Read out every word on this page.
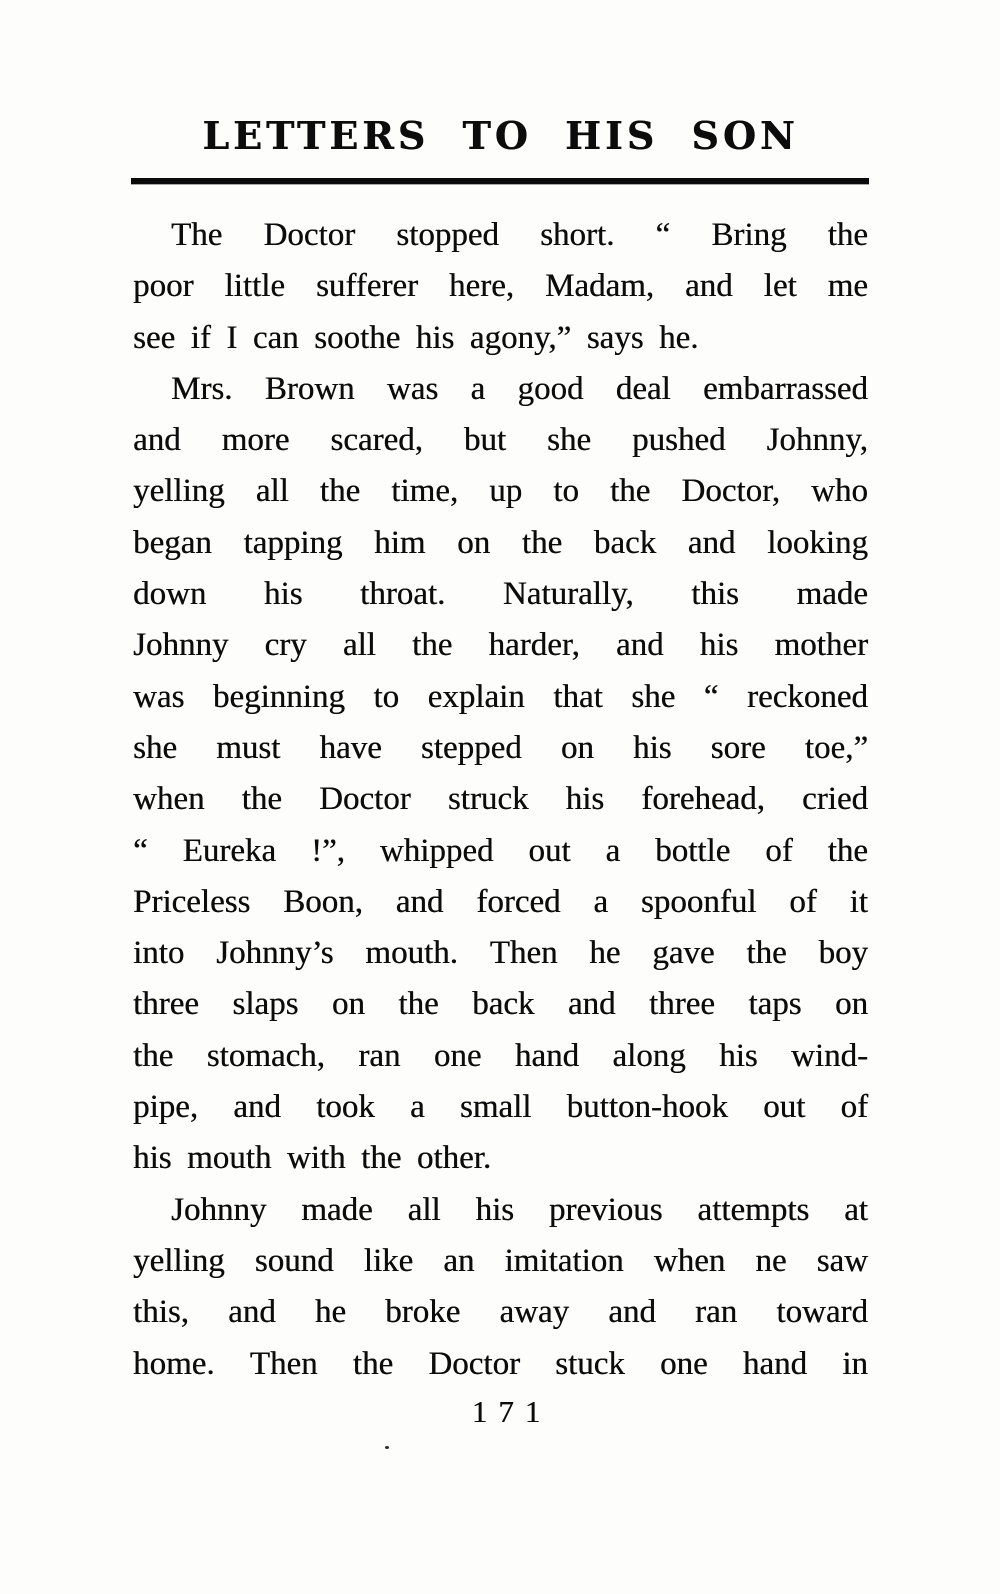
LETTERS TO HIS SON
The Doctor stopped short. “ Bring the
poor little sufferer here, Madam, and let me
see if I can soothe his agony,” says he.
Mrs. Brown was a good deal embarrassed
and more scared, but she pushed Johnny,
yelling all the time, up to the Doctor, who
began tapping him on the back and looking
down his throat. Naturally, this made
Johnny cry all the harder, and his mother
was beginning to explain that she “ reckoned
she must have stepped on his sore toe,”
when the Doctor struck his forehead, cried
“ Eureka !”, whipped out a bottle of the
Priceless Boon, and forced a spoonful of it
into Johnny’s mouth. Then he gave the boy
three slaps on the back and three taps on
the stomach, ran one hand along his wind-
pipe, and took a small button-hook out of
his mouth with the other.
Johnny made all his previous attempts at
yelling sound like an imitation when ne saw
this, and he broke away and ran toward
home. Then the Doctor stuck one hand in
171
